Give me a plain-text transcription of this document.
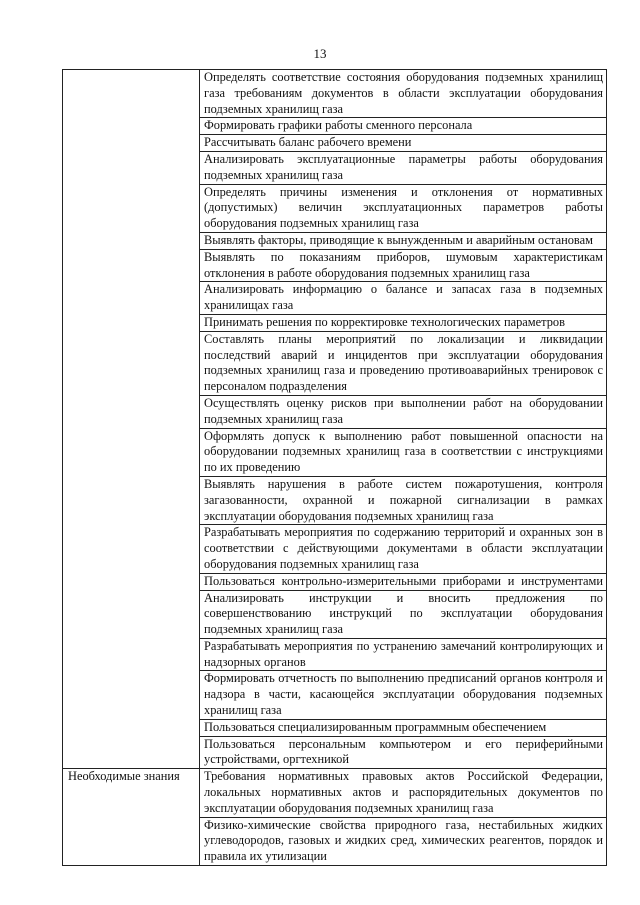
13
	Определять соответствие состояния оборудования подземных хранилищ газа требованиям документов в области эксплуатации оборудования подземных хранилищ газа
	Формировать графики работы сменного персонала
	Рассчитывать баланс рабочего времени
	Анализировать эксплуатационные параметры работы оборудования подземных хранилищ газа
	Определять причины изменения и отклонения от нормативных (допустимых) величин эксплуатационных параметров работы оборудования подземных хранилищ газа
	Выявлять факторы, приводящие к вынужденным и аварийным остановам
	Выявлять по показаниям приборов, шумовым характеристикам отклонения в работе оборудования подземных хранилищ газа
	Анализировать информацию о балансе и запасах газа в подземных хранилищах газа
	Принимать решения по корректировке технологических параметров
	Составлять планы мероприятий по локализации и ликвидации последствий аварий и инцидентов при эксплуатации оборудования подземных хранилищ газа и проведению противоаварийных тренировок с персоналом подразделения
	Осуществлять оценку рисков при выполнении работ на оборудовании подземных хранилищ газа
	Оформлять допуск к выполнению работ повышенной опасности на оборудовании подземных хранилищ газа в соответствии с инструкциями по их проведению
	Выявлять нарушения в работе систем пожаротушения, контроля загазованности, охранной и пожарной сигнализации в рамках эксплуатации оборудования подземных хранилищ газа
	Разрабатывать мероприятия по содержанию территорий и охранных зон в соответствии с действующими документами в области эксплуатации оборудования подземных хранилищ газа
	Пользоваться контрольно-измерительными приборами и инструментами
	Анализировать инструкции и вносить предложения по совершенствованию инструкций по эксплуатации оборудования подземных хранилищ газа
	Разрабатывать мероприятия по устранению замечаний контролирующих и надзорных органов
	Формировать отчетность по выполнению предписаний органов контроля и надзора в части, касающейся эксплуатации оборудования подземных хранилищ газа
	Пользоваться специализированным программным обеспечением
	Пользоваться персональным компьютером и его периферийными устройствами, оргтехникой
Необходимые знания	Требования нормативных правовых актов Российской Федерации, локальных нормативных актов и распорядительных документов по эксплуатации оборудования подземных хранилищ газа
	Физико-химические свойства природного газа, нестабильных жидких углеводородов, газовых и жидких сред, химических реагентов, порядок и правила их утилизации
